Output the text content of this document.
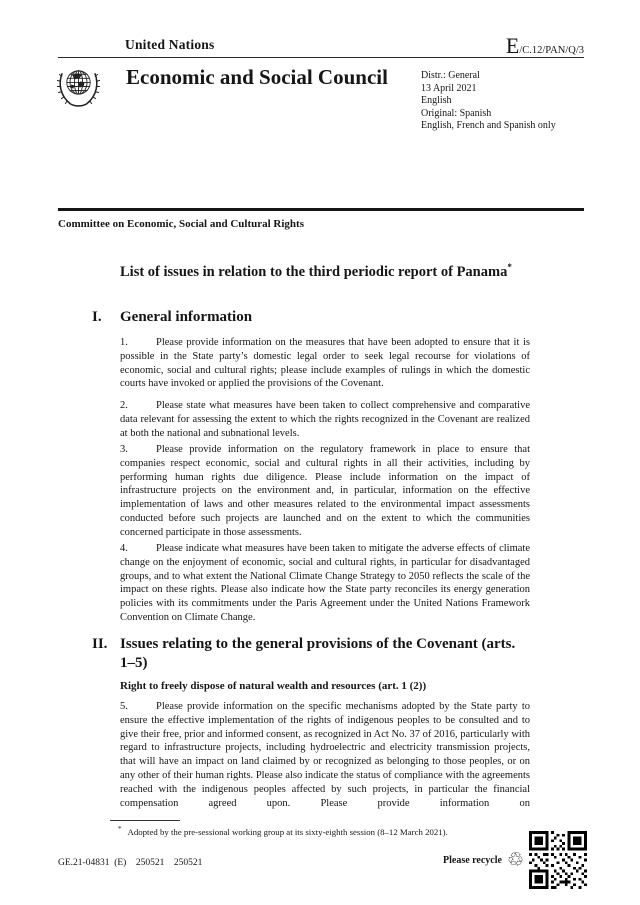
United Nations	E/C.12/PAN/Q/3
Economic and Social Council	Distr.: General
13 April 2021
English
Original: Spanish
English, French and Spanish only
Committee on Economic, Social and Cultural Rights
List of issues in relation to the third periodic report of Panama*
I. General information

1.	Please provide information on the measures that have been adopted to ensure that it is possible in the State party’s domestic legal order to seek legal recourse for violations of economic, social and cultural rights; please include examples of rulings in which the domestic courts have invoked or applied the provisions of the Covenant.

2.	Please state what measures have been taken to collect comprehensive and comparative data relevant for assessing the extent to which the rights recognized in the Covenant are realized at both the national and subnational levels.

3.	Please provide information on the regulatory framework in place to ensure that companies respect economic, social and cultural rights in all their activities, including by performing human rights due diligence. Please include information on the impact of infrastructure projects on the environment and, in particular, information on the effective implementation of laws and other measures related to the environmental impact assessments conducted before such projects are launched and on the extent to which the communities concerned participate in those assessments.

4.	Please indicate what measures have been taken to mitigate the adverse effects of climate change on the enjoyment of economic, social and cultural rights, in particular for disadvantaged groups, and to what extent the National Climate Change Strategy to 2050 reflects the scale of the impact on these rights. Please also indicate how the State party reconciles its energy generation policies with its commitments under the Paris Agreement under the United Nations Framework Convention on Climate Change.

II. Issues relating to the general provisions of the Covenant (arts. 1–5)
Right to freely dispose of natural wealth and resources (art. 1 (2))

5.	Please provide information on the specific mechanisms adopted by the State party to ensure the effective implementation of the rights of indigenous peoples to be consulted and to give their free, prior and informed consent, as recognized in Act No. 37 of 2016, particularly with regard to infrastructure projects, including hydroelectric and electricity transmission projects, that will have an impact on land claimed by or recognized as belonging to those peoples, or on any other of their human rights. Please also indicate the status of compliance with the agreements reached with the indigenous peoples affected by such projects, in particular the financial compensation agreed upon. Please provide information on

* Adopted by the pre-sessional working group at its sixty-eighth session (8–12 March 2021).
GE.21-04831  (E)    250521    250521	Please recycle ♲
